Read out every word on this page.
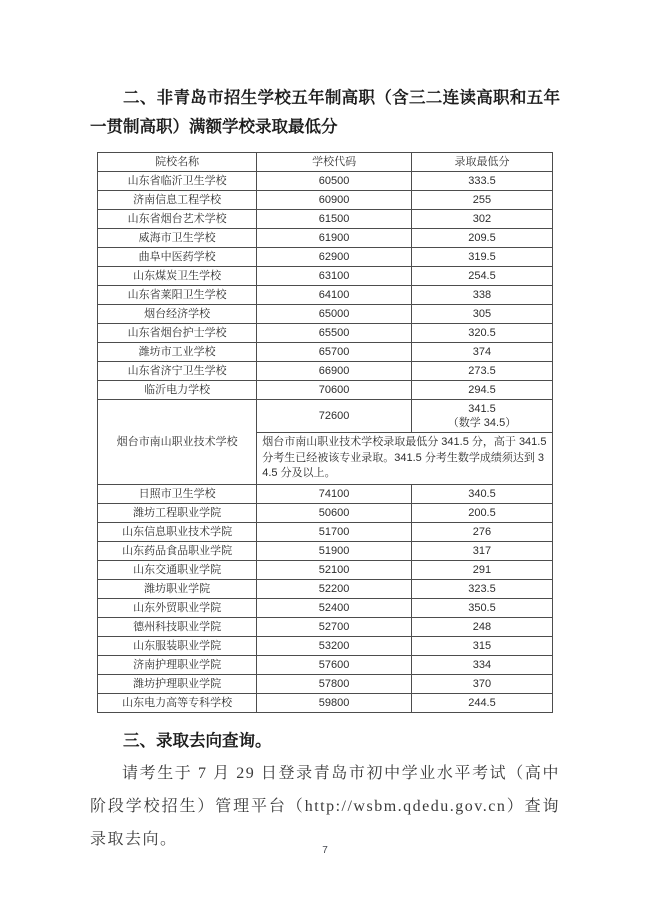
二、非青岛市招生学校五年制高职（含三二连读高职和五年一贯制高职）满额学校录取最低分

院校名称	学校代码	录取最低分
山东省临沂卫生学校	60500	333.5
济南信息工程学校	60900	255
山东省烟台艺术学校	61500	302
威海市卫生学校	61900	209.5
曲阜中医药学校	62900	319.5
山东煤炭卫生学校	63100	254.5
山东省莱阳卫生学校	64100	338
烟台经济学校	65000	305
山东省烟台护士学校	65500	320.5
潍坊市工业学校	65700	374
山东省济宁卫生学校	66900	273.5
临沂电力学校	70600	294.5
烟台市南山职业技术学校	72600	341.5
（数学 34.5）

	烟台市南山职业技术学校录取最低分 341.5 分，高于 341.5 分考生已经被该专业录取。341.5 分考生数学成绩须达到 34.5 分及以上。	
日照市卫生学校	74100	340.5
潍坊工程职业学院	50600	200.5
山东信息职业技术学院	51700	276
山东药品食品职业学院	51900	317
山东交通职业学院	52100	291
潍坊职业学院	52200	323.5
山东外贸职业学院	52400	350.5
德州科技职业学院	52700	248
山东服装职业学院	53200	315
济南护理职业学院	57600	334
潍坊护理职业学院	57800	370
山东电力高等专科学校	59800	244.5

三、录取去向查询。

请考生于 7 月 29 日登录青岛市初中学业水平考试（高中阶段学校招生）管理平台（http://wsbm.qdedu.gov.cn）查询录取去向。

7
